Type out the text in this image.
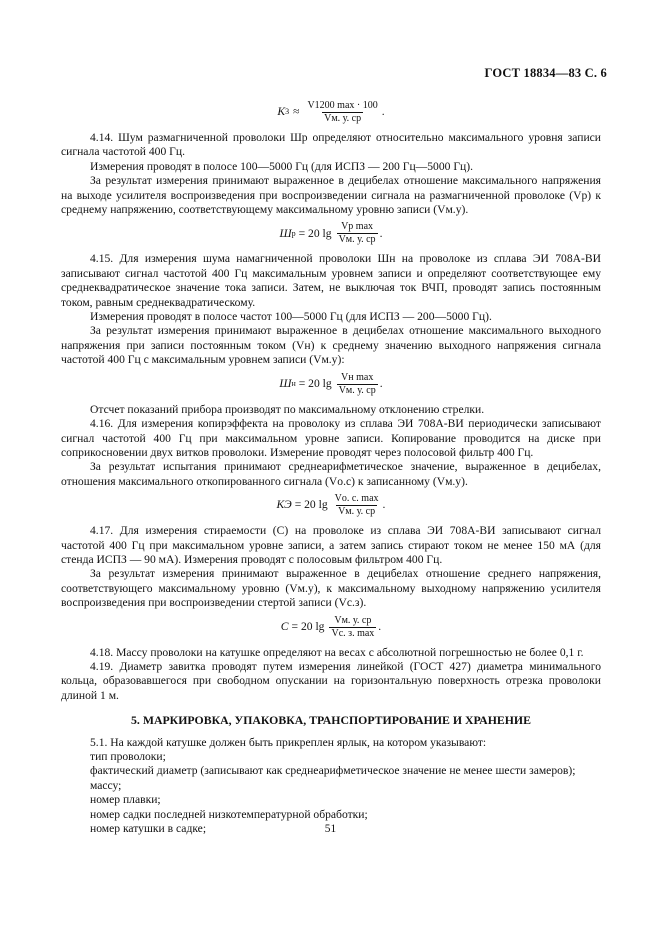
ГОСТ 18834—83 С. 6
K $3 \approx \frac{V1200 \max \cdot 100}{Vм. у. ср}$ .

4.14. Шум размагниченной проволоки Шр определяют относительно максимального уровня записи сигнала частотой 400 Гц.

Измерения проводят в полосе 100—5000 Гц (для ИСПЗ — 200 Гц—5000 Гц).

За результат измерения принимают выраженное в децибелах отношение максимального напряжения на выходе усилителя воспроизведения при воспроизведении сигнала на размагниченной проволоке (Vр) к среднему напряжению, соответствующему максимальному уровню записи (Vм.у).

Ш р = 20 $\lg \frac{\text{Vр max}}{Vм. у. ср}$ .

4.15. Для измерения шума намагниченной проволоки Шн на проволоке из сплава ЭИ 708А-ВИ записывают сигнал частотой 400 Гц максимальным уровнем записи и определяют соответствующее ему среднеквадратическое значение тока записи. Затем, не выключая ток ВЧП, проводят запись постоянным током, равным среднеквадратическому.

Измерения проводят в полосе частот 100—5000 Гц (для ИСПЗ — 200—5000 Гц).

За результат измерения принимают выраженное в децибелах отношение максимального выходного напряжения при записи постоянным током (Vн) к среднему значению выходного напряжения сигнала частотой 400 Гц с максимальным уровнем записи (Vм.у):

Ш н = 20 $\lg \frac{\text{Vн max}}{Vм. у. ср}$ .

Отсчет показаний прибора производят по максимальному отклонению стрелки.

4.16. Для измерения копирэффекта на проволоку из сплава ЭИ 708А-ВИ периодически записывают сигнал частотой 400 Гц при максимальном уровне записи. Копирование проводится на диске при соприкосновении двух витков проволоки. Измерение проводят через полосовой фильтр 400 Гц.

За результат испытания принимают среднеарифметическое значение, выраженное в децибелах, отношения максимального откопированного сигнала (Vо.с) к записанному (Vм.у).

КЭ = 20 $\lg \frac{Vо. с. \max}{Vм. у. ср}$ .

4.17. Для измерения стираемости (С) на проволоке из сплава ЭИ 708А-ВИ записывают сигнал частотой 400 Гц при максимальном уровне записи, а затем запись стирают током не менее 150 мА (для стенда ИСПЗ — 90 мА). Измерения проводят с полосовым фильтром 400 Гц.

За результат измерения принимают выраженное в децибелах отношение среднего напряжения, соответствующего максимальному уровню (Vм.у), к максимальному выходному напряжению усилителя воспроизведения при воспроизведении стертой записи (Vс.з).

С = 20 $\lg \frac{Vм. у. ср}{Vс. з. \max}$ .

4.18. Массу проволоки на катушке определяют на весах с абсолютной погрешностью не более 0,1 г.

4.19. Диаметр завитка проводят путем измерения линейкой (ГОСТ 427) диаметра минимального кольца, образовавшегося при свободном опускании на горизонтальную поверхность отрезка проволоки длиной 1 м.

5. МАРКИРОВКА, УПАКОВКА, ТРАНСПОРТИРОВАНИЕ И ХРАНЕНИЕ

5.1. На каждой катушке должен быть прикреплен ярлык, на котором указывают:

тип проволоки;

фактический диаметр (записывают как среднеарифметическое значение не менее шести замеров);

массу;

номер плавки;

номер садки последней низкотемпературной обработки;

номер катушки в садке;	51
